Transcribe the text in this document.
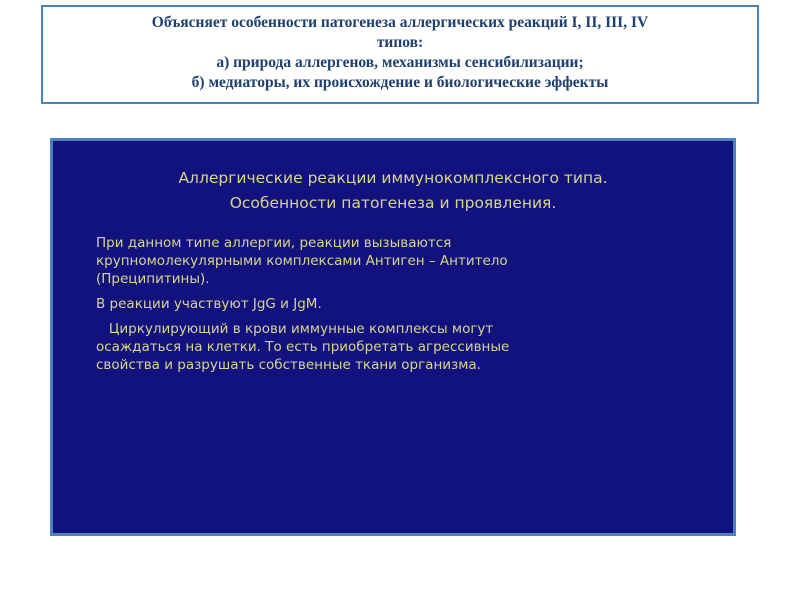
Объясняет особенности патогенеза аллергических реакций I, II, III, IV
типов:
а) природа аллергенов, механизмы сенсибилизации;
б) медиаторы, их происхождение и биологические эффекты
Аллергические реакции иммунокомплексного типа.
Особенности патогенеза и проявления.

При данном типе аллергии, реакции вызываются
крупномолекулярными комплексами Антиген – Антитело
(Преципитины).

В реакции участвуют JgG и JgM.

Циркулирующий в крови иммунные комплексы могут
осаждаться на клетки. То есть приобретать агрессивные
свойства и разрушать собственные ткани организма.
